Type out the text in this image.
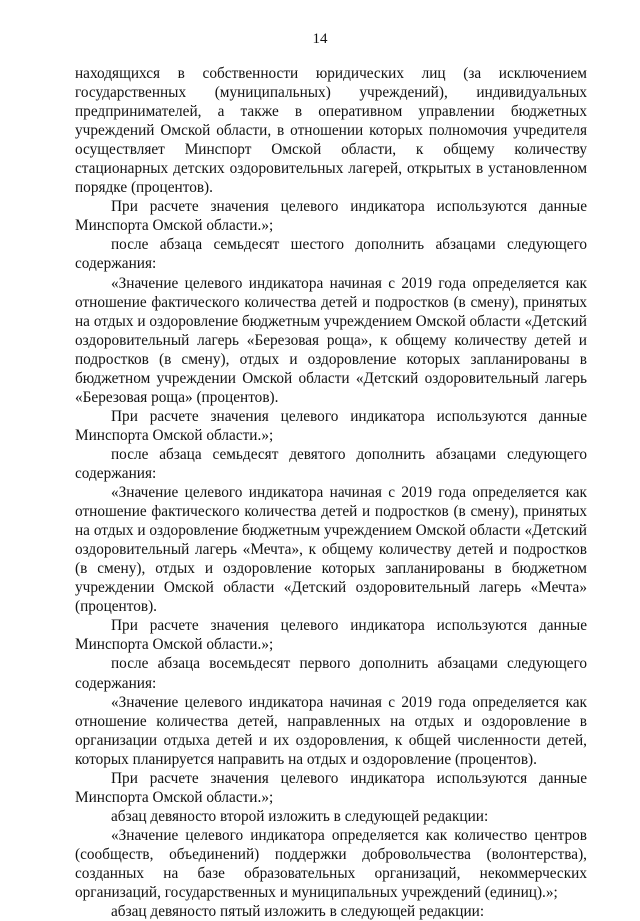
14

находящихся в собственности юридических лиц (за исключением государственных (муниципальных) учреждений), индивидуальных предпринимателей, а также в оперативном управлении бюджетных учреждений Омской области, в отношении которых полномочия учредителя осуществляет Минспорт Омской области, к общему количеству стационарных детских оздоровительных лагерей, открытых в установленном порядке (процентов).

При расчете значения целевого индикатора используются данные Минспорта Омской области.»;

после абзаца семьдесят шестого дополнить абзацами следующего содержания:

«Значение целевого индикатора начиная с 2019 года определяется как отношение фактического количества детей и подростков (в смену), принятых на отдых и оздоровление бюджетным учреждением Омской области «Детский оздоровительный лагерь «Березовая роща», к общему количеству детей и подростков (в смену), отдых и оздоровление которых запланированы в бюджетном учреждении Омской области «Детский оздоровительный лагерь «Березовая роща» (процентов).

При расчете значения целевого индикатора используются данные Минспорта Омской области.»;

после абзаца семьдесят девятого дополнить абзацами следующего содержания:

«Значение целевого индикатора начиная с 2019 года определяется как отношение фактического количества детей и подростков (в смену), принятых на отдых и оздоровление бюджетным учреждением Омской области «Детский оздоровительный лагерь «Мечта», к общему количеству детей и подростков (в смену), отдых и оздоровление которых запланированы в бюджетном учреждении Омской области «Детский оздоровительный лагерь «Мечта» (процентов).

При расчете значения целевого индикатора используются данные Минспорта Омской области.»;

после абзаца восемьдесят первого дополнить абзацами следующего содержания:

«Значение целевого индикатора начиная с 2019 года определяется как отношение количества детей, направленных на отдых и оздоровление в организации отдыха детей и их оздоровления, к общей численности детей, которых планируется направить на отдых и оздоровление (процентов).

При расчете значения целевого индикатора используются данные Минспорта Омской области.»;

абзац девяносто второй изложить в следующей редакции:

«Значение целевого индикатора определяется как количество центров (сообществ, объединений) поддержки добровольчества (волонтерства), созданных на базе образовательных организаций, некоммерческих организаций, государственных и муниципальных учреждений (единиц).»;

абзац девяносто пятый изложить в следующей редакции:
